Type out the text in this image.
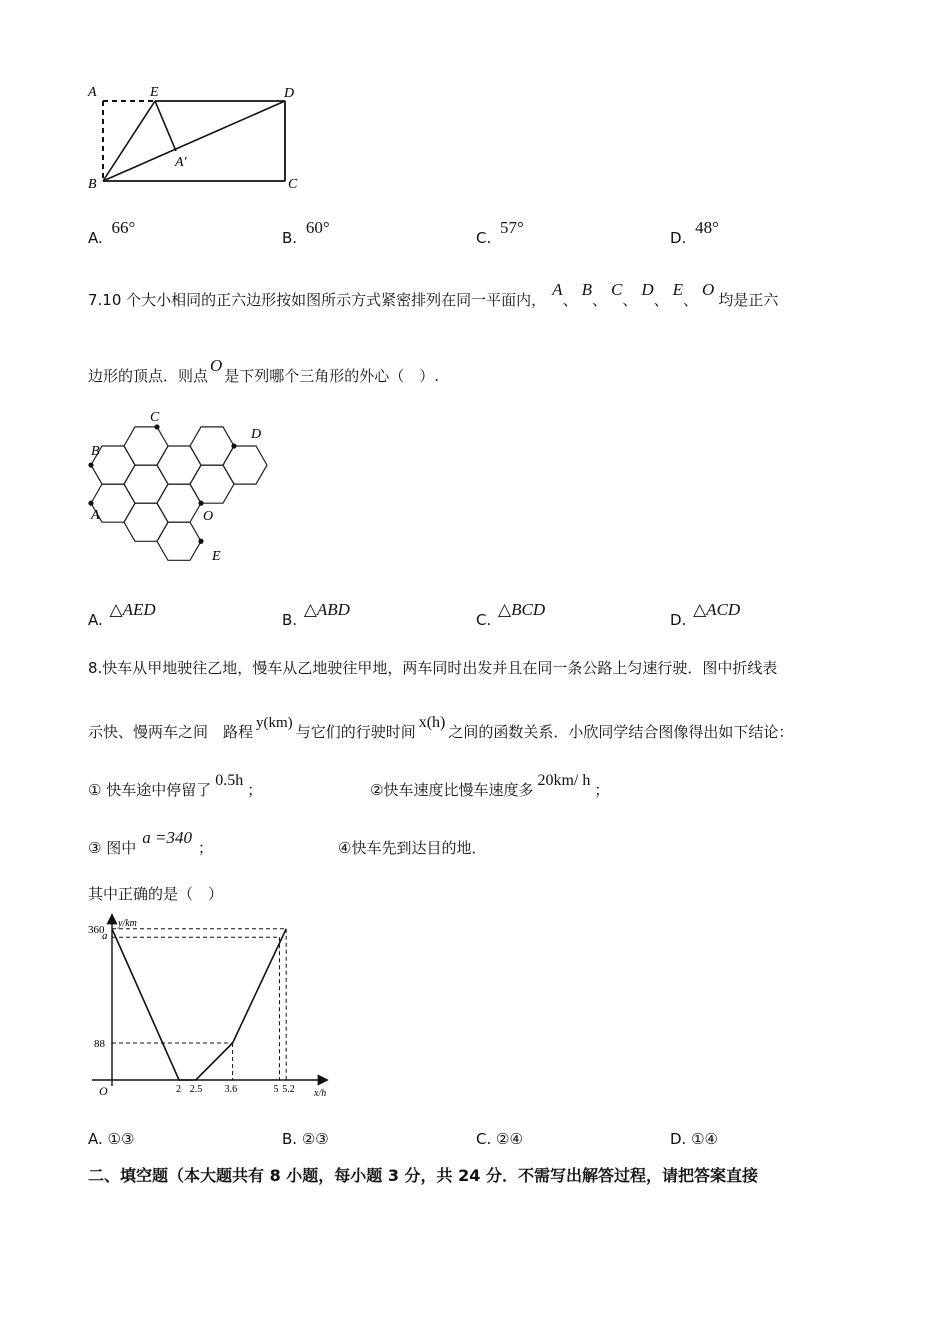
A	E	D
B	C
A′
A. 66°
B. 60°
C. 57°
D. 48°
7.10 个大小相同的正六边形按如图所示方式紧密排列在同一平面内，A、B、C、D、E、O均是正六
边形的顶点．则点O是下列哪个三角形的外心（　）.
B
C
D
A	O
E
A. △AED
B. △ABD
C. △BCD
D. △ACD
8.快车从甲地驶往乙地，慢车从乙地驶往甲地，两车同时出发并且在同一条公路上匀速行驶．图中折线表
示快、慢两车之间　路程 y(km) 与它们的行驶时间x(h)之间的函数关系．小欣同学结合图像得出如下结论：
① 快车途中停留了0.5h；	②快车速度比慢车速度多20km/ h；
③ 图中a =340；	④快车先到达目的地．
其中正确的是（　）
360
a
88
O	2 2.5 3.6	5 5.2 x/h
y/km
A. ①③	B. ②③	C. ②④	D. ①④
二、填空题（本大题共有 8 小题，每小题 3 分，共 24 分．不需写出解答过程，请把答案直接
